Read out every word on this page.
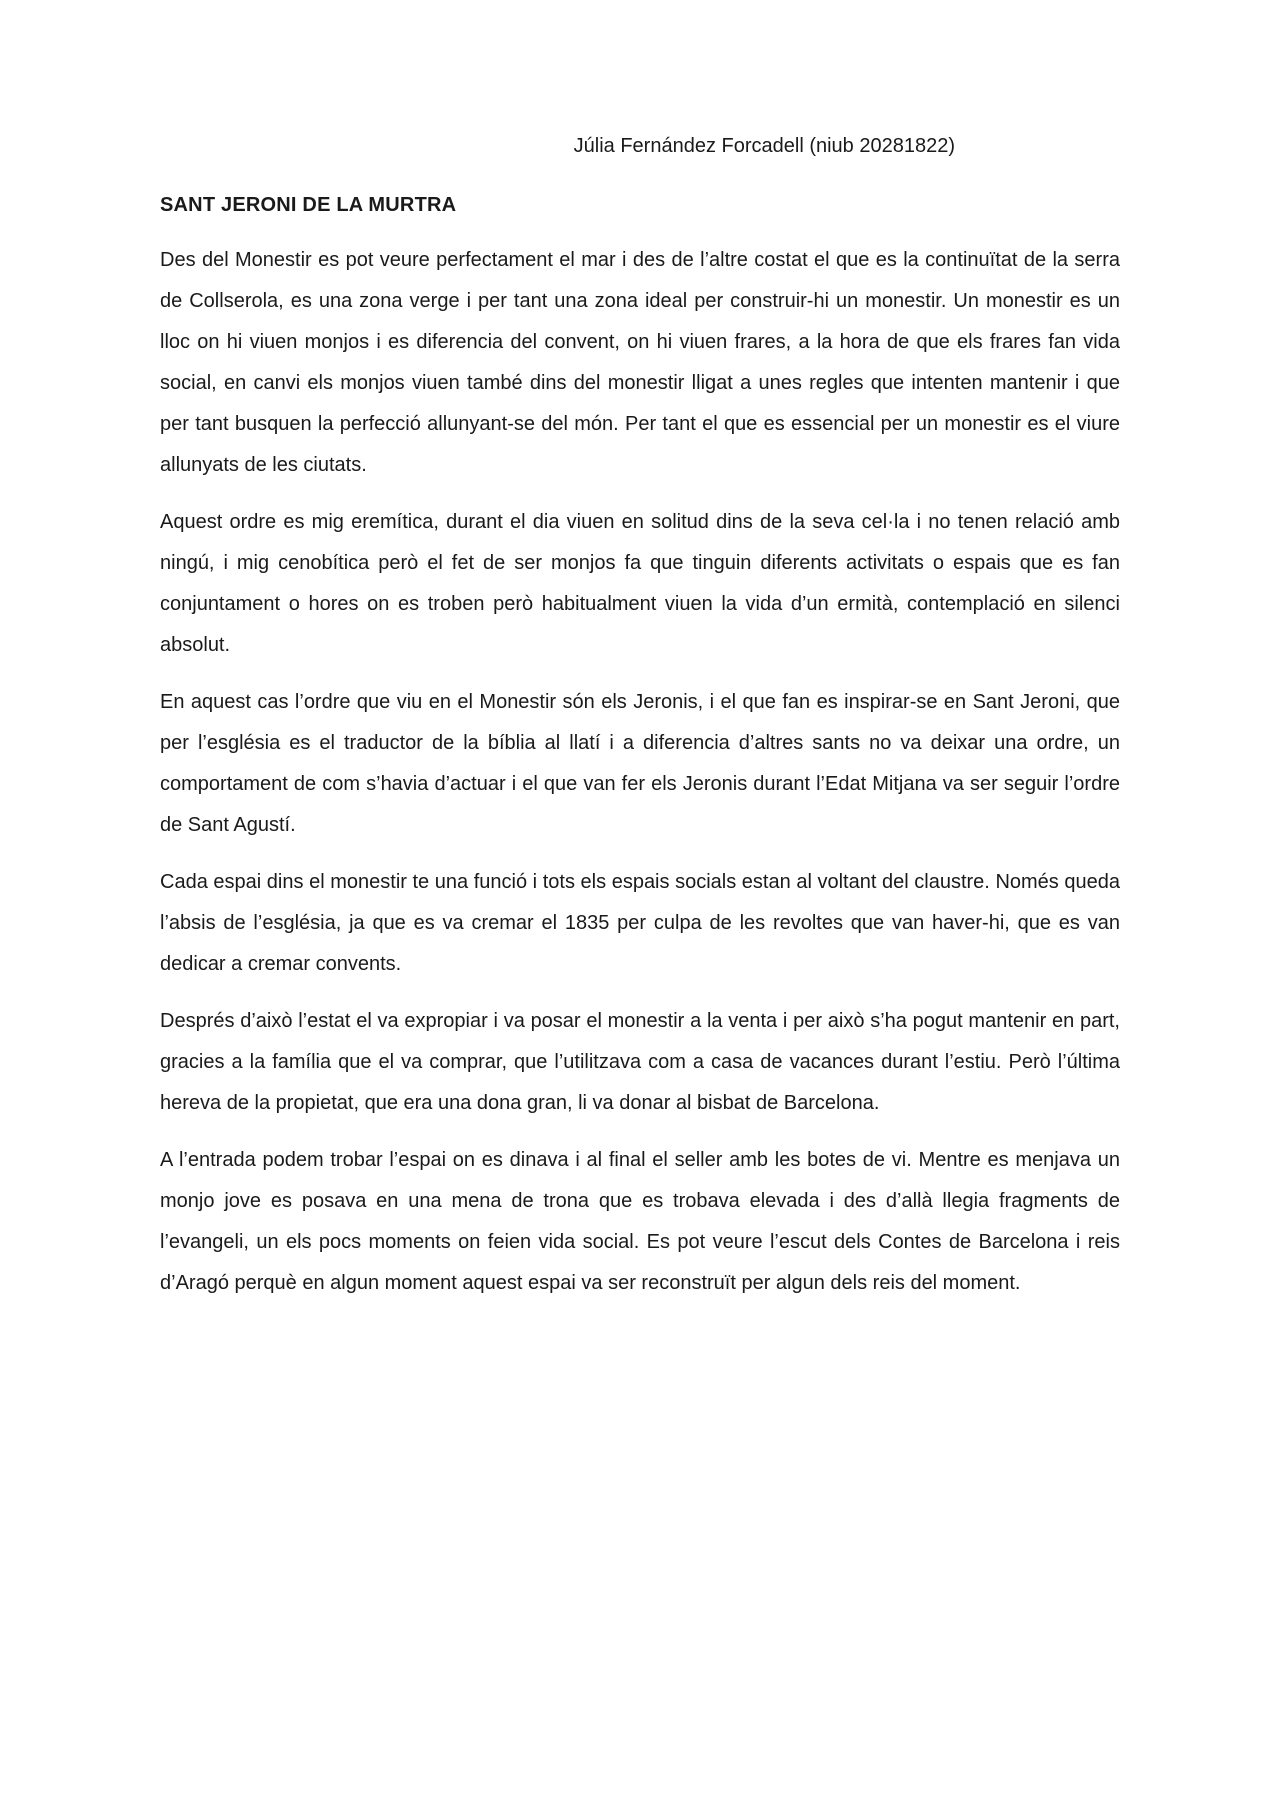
Júlia Fernández Forcadell (niub 20281822)

SANT JERONI DE LA MURTRA

Des del Monestir es pot veure perfectament el mar i des de l’altre costat el que es la continuïtat de la serra de Collserola, es una zona verge i per tant una zona ideal per construir-hi un monestir. Un monestir es un lloc on hi viuen monjos i es diferencia del convent, on hi viuen frares, a la hora de que els frares fan vida social, en canvi els monjos viuen també dins del monestir lligat a unes regles que intenten mantenir i que per tant busquen la perfecció allunyant-se del món. Per tant el que es essencial per un monestir es el viure allunyats de les ciutats.

Aquest ordre es mig eremítica, durant el dia viuen en solitud dins de la seva cel·la i no tenen relació amb ningú, i mig cenobítica però el fet de ser monjos fa que tinguin diferents activitats o espais que es fan conjuntament o hores on es troben però habitualment viuen la vida d’un ermità, contemplació en silenci absolut.

En aquest cas l’ordre que viu en el Monestir són els Jeronis, i el que fan es inspirar-se en Sant Jeroni, que per l’església es el traductor de la bíblia al llatí i a diferencia d’altres sants no va deixar una ordre, un comportament de com s’havia d’actuar i el que van fer els Jeronis durant l’Edat Mitjana va ser seguir l’ordre de Sant Agustí.

Cada espai dins el monestir te una funció i tots els espais socials estan al voltant del claustre. Només queda l’absis de l’església, ja que es va cremar el 1835 per culpa de les revoltes que van haver-hi, que es van dedicar a cremar convents.

Després d’això l’estat el va expropiar i va posar el monestir a la venta i per això s’ha pogut mantenir en part, gracies a la família que el va comprar, que l’utilitzava com a casa de vacances durant l’estiu. Però l’última hereva de la propietat, que era una dona gran, li va donar al bisbat de Barcelona.

A l’entrada podem trobar l’espai on es dinava i al final el seller amb les botes de vi. Mentre es menjava un monjo jove es posava en una mena de trona que es trobava elevada i des d’allà llegia fragments de l’evangeli, un els pocs moments on feien vida social. Es pot veure l’escut dels Contes de Barcelona i reis d’Aragó perquè en algun moment aquest espai va ser reconstruït per algun dels reis del moment.
